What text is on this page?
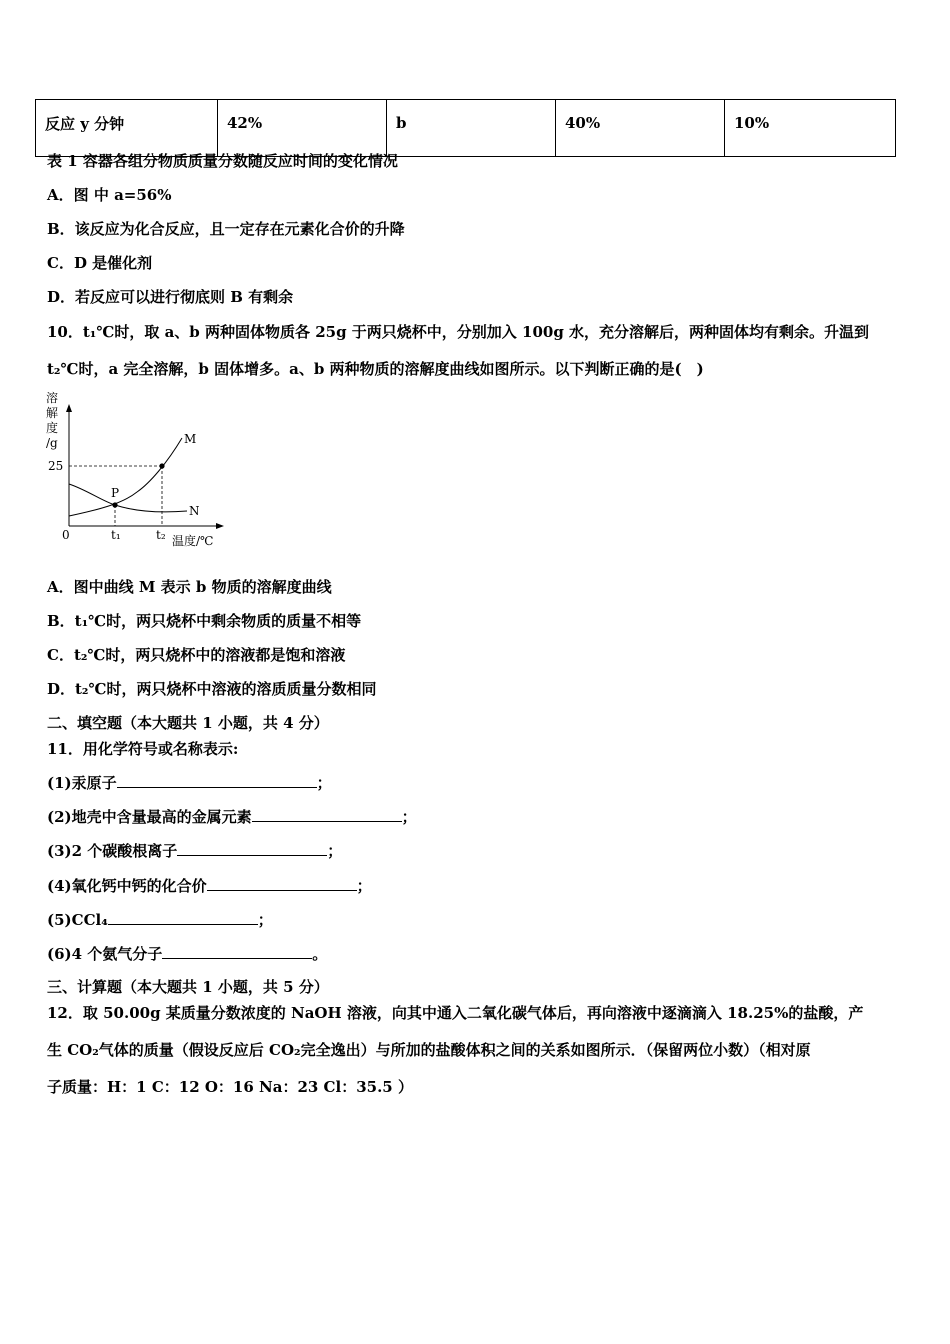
反应 y 分钟	42%	b	40%	10%
表 1 容器各组分物质质量分数随反应时间的变化情况
A．图 中 a=56%
B．该反应为化合反应，且一定存在元素化合价的升降
C．D 是催化剂
D．若反应可以进行彻底则 B 有剩余
10．t₁℃时，取 a、b 两种固体物质各 25g 于两只烧杯中，分别加入 100g 水，充分溶解后，两种固体均有剩余。升温到
t₂℃时，a 完全溶解，b 固体增多。a、b 两种物质的溶解度曲线如图所示。以下判断正确的是(　)
溶
解
度
/g
25
M
N
P
0	t₁	t₂ 温度/℃
A．图中曲线 M 表示 b 物质的溶解度曲线
B．t₁℃时，两只烧杯中剩余物质的质量不相等
C．t₂℃时，两只烧杯中的溶液都是饱和溶液
D．t₂℃时，两只烧杯中溶液的溶质质量分数相同
二、填空题（本大题共 1 小题，共 4 分）
11．用化学符号或名称表示:
(1)汞原子	；
(2)地壳中含量最高的金属元素	；
(3)2 个碳酸根离子	；
(4)氧化钙中钙的化合价	；
(5)CCl₄	；
(6)4 个氨气分子	。
三、计算题（本大题共 1 小题，共 5 分）
12．取 50.00g 某质量分数浓度的 NaOH 溶液，向其中通入二氧化碳气体后，再向溶液中逐滴滴入 18.25%的盐酸，产
生 CO₂气体的质量（假设反应后 CO₂完全逸出）与所加的盐酸体积之间的关系如图所示．（保留两位小数）（相对原
子质量：H：1 C：12 O：16 Na：23 Cl：35.5 ）
